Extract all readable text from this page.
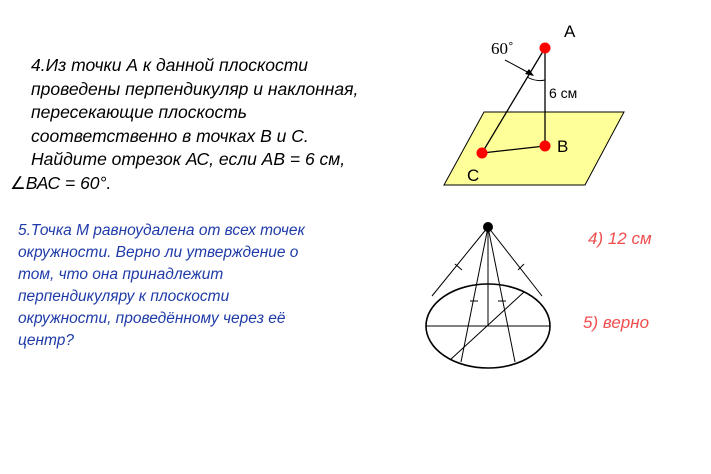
4.Из точки А к данной плоскости
проведены перпендикуляр и наклонная,
пересекающие плоскость
соответственно в точках В и С.
Найдите отрезок АС, если АВ = 6 см,
∠ВАС = 60°.
5.Точка М равноудалена от всех точек
окружности. Верно ли утверждение о
том, что она принадлежит
перпендикуляру к плоскости
окружности, проведённому через её
центр?
4) 12 см
5) верно
А
В
С
60˚
6 см
